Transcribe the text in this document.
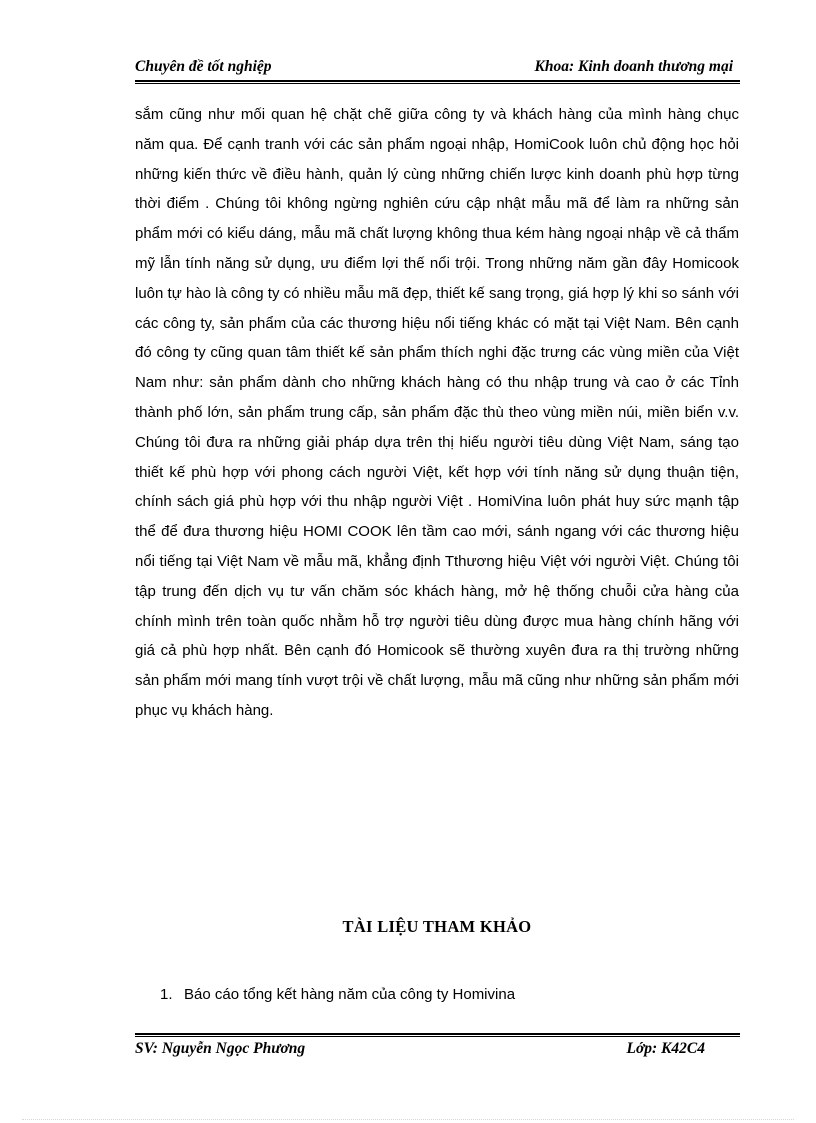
Chuyên đề tốt nghiệp	Khoa: Kinh doanh thương mại

sắm cũng như mối quan hệ chặt chẽ giữa công ty và khách hàng của mình hàng chục năm qua. Để cạnh tranh với các sản phẩm ngoại nhập, HomiCook luôn chủ động học hỏi những kiến thức về điều hành, quản lý cùng những chiến lược kinh doanh phù hợp từng thời điểm . Chúng tôi không ngừng nghiên cứu cập nhật mẫu mã để làm ra những sản phẩm mới có kiểu dáng, mẫu mã chất lượng không thua kém hàng ngoại nhập về cả thẩm mỹ lẫn tính năng sử dụng, ưu điểm lợi thế nổi trội. Trong những năm gần đây Homicook luôn tự hào là công ty có nhiều mẫu mã đẹp, thiết kế sang trọng, giá hợp lý khi so sánh với các công ty, sản phẩm của các thương hiệu nổi tiếng khác có mặt tại Việt Nam. Bên cạnh đó công ty cũng quan tâm thiết kế sản phẩm thích nghi đặc trưng các vùng miền của Việt Nam như: sản phẩm dành cho những khách hàng có thu nhập trung và cao ở các Tỉnh thành phố lớn, sản phẩm trung cấp, sản phẩm đặc thù theo vùng miền núi, miền biển v.v. Chúng tôi đưa ra những giải pháp dựa trên thị hiếu người tiêu dùng Việt Nam, sáng tạo thiết kế phù hợp với phong cách người Việt, kết hợp với tính năng sử dụng thuận tiện, chính sách giá phù hợp với thu nhập người Việt . HomiVina luôn phát huy sức mạnh tập thể để đưa thương hiệu HOMI COOK lên tầm cao mới, sánh ngang với các thương hiệu nổi tiếng tại Việt Nam về mẫu mã, khẳng định Tthương hiệu Việt với người Việt. Chúng tôi tập trung đến dịch vụ tư vấn chăm sóc khách hàng, mở hệ thống chuỗi cửa hàng của chính mình trên toàn quốc nhằm hỗ trợ người tiêu dùng được mua hàng chính hãng với giá cả phù hợp nhất. Bên cạnh đó Homicook sẽ thường xuyên đưa ra thị trường những sản phẩm mới mang tính vượt trội về chất lượng, mẫu mã cũng như những sản phẩm mới phục vụ khách hàng.

TÀI LIỆU THAM KHẢO
1. Báo cáo tổng kết hàng năm của công ty Homivina
SV: Nguyễn Ngọc Phương	Lớp: K42C4
